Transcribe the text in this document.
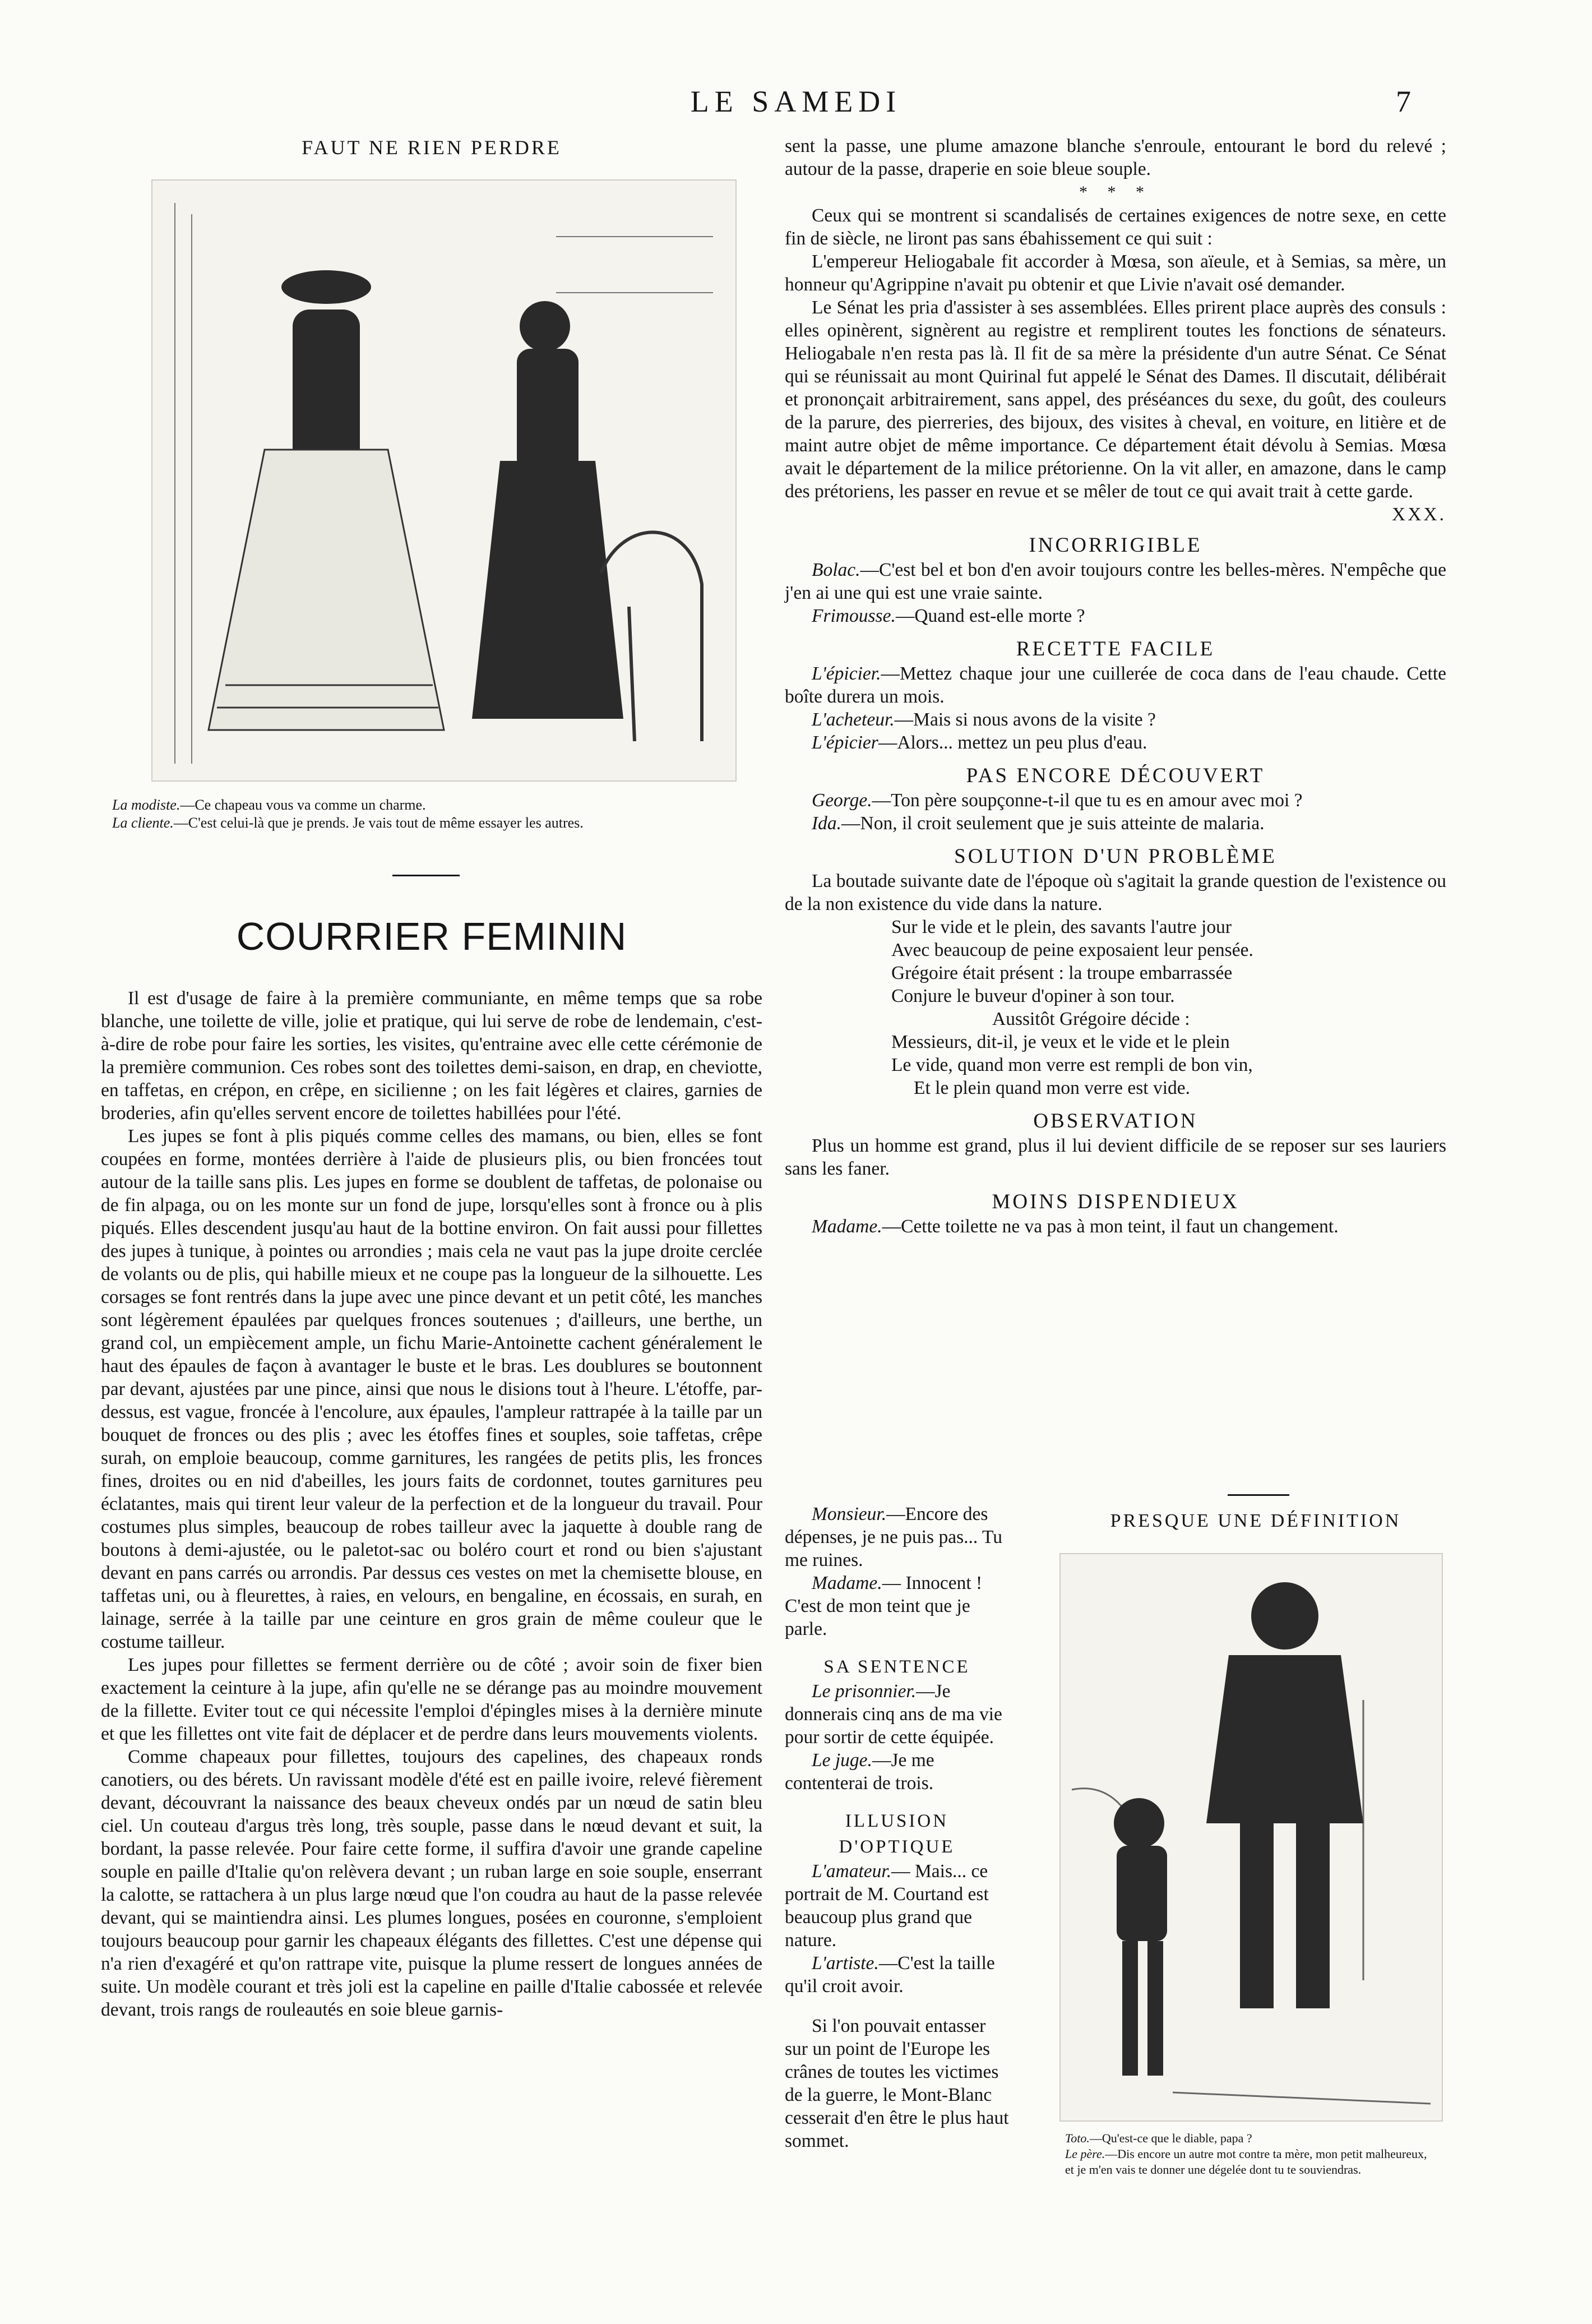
LE SAMEDI	7
FAUT NE RIEN PERDRE

La modiste.—Ce chapeau vous va comme un charme.

La cliente.—C'est celui-là que je prends. Je vais tout de même essayer les autres.

COURRIER FEMININ

Il est d'usage de faire à la première communiante, en même temps que sa robe blanche, une toilette de ville, jolie et pratique, qui lui serve de robe de lendemain, c'est-à-dire de robe pour faire les sorties, les visites, qu'entraine avec elle cette cérémonie de la première communion. Ces robes sont des toilettes demi-saison, en drap, en cheviotte, en taffetas, en crépon, en crêpe, en sicilienne ; on les fait légères et claires, garnies de broderies, afin qu'elles servent encore de toilettes habillées pour l'été.

Les jupes se font à plis piqués comme celles des mamans, ou bien, elles se font coupées en forme, montées derrière à l'aide de plusieurs plis, ou bien froncées tout autour de la taille sans plis. Les jupes en forme se doublent de taffetas, de polonaise ou de fin alpaga, ou on les monte sur un fond de jupe, lorsqu'elles sont à fronce ou à plis piqués. Elles descendent jusqu'au haut de la bottine environ. On fait aussi pour fillettes des jupes à tunique, à pointes ou arrondies ; mais cela ne vaut pas la jupe droite cerclée de volants ou de plis, qui habille mieux et ne coupe pas la longueur de la silhouette. Les corsages se font rentrés dans la jupe avec une pince devant et un petit côté, les manches sont légèrement épaulées par quelques fronces soutenues ; d'ailleurs, une berthe, un grand col, un empiècement ample, un fichu Marie-Antoinette cachent généralement le haut des épaules de façon à avantager le buste et le bras. Les doublures se boutonnent par devant, ajustées par une pince, ainsi que nous le disions tout à l'heure. L'étoffe, par-dessus, est vague, froncée à l'encolure, aux épaules, l'ampleur rattrapée à la taille par un bouquet de fronces ou des plis ; avec les étoffes fines et souples, soie taffetas, crêpe surah, on emploie beaucoup, comme garnitures, les rangées de petits plis, les fronces fines, droites ou en nid d'abeilles, les jours faits de cordonnet, toutes garnitures peu éclatantes, mais qui tirent leur valeur de la perfection et de la longueur du travail. Pour costumes plus simples, beaucoup de robes tailleur avec la jaquette à double rang de boutons à demi-ajustée, ou le paletot-sac ou boléro court et rond ou bien s'ajustant devant en pans carrés ou arrondis. Par dessus ces vestes on met la chemisette blouse, en taffetas uni, ou à fleurettes, à raies, en velours, en bengaline, en écossais, en surah, en lainage, serrée à la taille par une ceinture en gros grain de même couleur que le costume tailleur.

Les jupes pour fillettes se ferment derrière ou de côté ; avoir soin de fixer bien exactement la ceinture à la jupe, afin qu'elle ne se dérange pas au moindre mouvement de la fillette. Eviter tout ce qui nécessite l'emploi d'épingles mises à la dernière minute et que les fillettes ont vite fait de déplacer et de perdre dans leurs mouvements violents.

Comme chapeaux pour fillettes, toujours des capelines, des chapeaux ronds canotiers, ou des bérets. Un ravissant modèle d'été est en paille ivoire, relevé fièrement devant, découvrant la naissance des beaux cheveux ondés par un nœud de satin bleu ciel. Un couteau d'argus très long, très souple, passe dans le nœud devant et suit, la bordant, la passe relevée. Pour faire cette forme, il suffira d'avoir une grande capeline souple en paille d'Italie qu'on relèvera devant ; un ruban large en soie souple, enserrant la calotte, se rattachera à un plus large nœud que l'on coudra au haut de la passe relevée devant, qui se maintiendra ainsi. Les plumes longues, posées en couronne, s'emploient toujours beaucoup pour garnir les chapeaux élégants des fillettes. C'est une dépense qui n'a rien d'exagéré et qu'on rattrape vite, puisque la plume ressert de longues années de suite. Un modèle courant et très joli est la capeline en paille d'Italie cabossée et relevée devant, trois rangs de rouleautés en soie bleue garnis-

sent la passe, une plume amazone blanche s'enroule, entourant le bord du relevé ; autour de la passe, draperie en soie bleue souple.

* * *

Ceux qui se montrent si scandalisés de certaines exigences de notre sexe, en cette fin de siècle, ne liront pas sans ébahissement ce qui suit :

L'empereur Heliogabale fit accorder à Mœsa, son aïeule, et à Semias, sa mère, un honneur qu'Agrippine n'avait pu obtenir et que Livie n'avait osé demander.

Le Sénat les pria d'assister à ses assemblées. Elles prirent place auprès des consuls : elles opinèrent, signèrent au registre et remplirent toutes les fonctions de sénateurs. Heliogabale n'en resta pas là. Il fit de sa mère la présidente d'un autre Sénat. Ce Sénat qui se réunissait au mont Quirinal fut appelé le Sénat des Dames. Il discutait, délibérait et prononçait arbitrairement, sans appel, des préséances du sexe, du goût, des couleurs de la parure, des pierreries, des bijoux, des visites à cheval, en voiture, en litière et de maint autre objet de même importance. Ce département était dévolu à Semias. Mœsa avait le département de la milice prétorienne. On la vit aller, en amazone, dans le camp des prétoriens, les passer en revue et se mêler de tout ce qui avait trait à cette garde.

XXX.

INCORRIGIBLE

Bolac.—C'est bel et bon d'en avoir toujours contre les belles-mères. N'empêche que j'en ai une qui est une vraie sainte.

Frimousse.—Quand est-elle morte ?

RECETTE FACILE

L'épicier.—Mettez chaque jour une cuillerée de coca dans de l'eau chaude. Cette boîte durera un mois.

L'acheteur.—Mais si nous avons de la visite ?

L'épicier—Alors... mettez un peu plus d'eau.

PAS ENCORE DÉCOUVERT

George.—Ton père soupçonne-t-il que tu es en amour avec moi ?

Ida.—Non, il croit seulement que je suis atteinte de malaria.

SOLUTION D'UN PROBLÈME

La boutade suivante date de l'époque où s'agitait la grande question de l'existence ou de la non existence du vide dans la nature.

Sur le vide et le plein, des savants l'autre jour

Avec beaucoup de peine exposaient leur pensée.

Grégoire était présent : la troupe embarrassée

Conjure le buveur d'opiner à son tour.

Aussitôt Grégoire décide :

Messieurs, dit-il, je veux et le vide et le plein

Le vide, quand mon verre est rempli de bon vin,

Et le plein quand mon verre est vide.

OBSERVATION

Plus un homme est grand, plus il lui devient difficile de se reposer sur ses lauriers sans les faner.

MOINS DISPENDIEUX

Madame.—Cette toilette ne va pas à mon teint, il faut un changement.

Monsieur.—Encore des dépenses, je ne puis pas... Tu me ruines.

Madame.— Innocent ! C'est de mon teint que je parle.

SA SENTENCE

Le prisonnier.—Je donnerais cinq ans de ma vie pour sortir de cette équipée.

Le juge.—Je me contenterai de trois.

ILLUSION D'OPTIQUE

L'amateur.— Mais... ce portrait de M. Courtand est beaucoup plus grand que nature.

L'artiste.—C'est la taille qu'il croit avoir.

Si l'on pouvait entasser sur un point de l'Europe les crânes de toutes les victimes de la guerre, le Mont-Blanc cesserait d'en être le plus haut sommet.

PRESQUE UNE DÉFINITION

Toto.—Qu'est-ce que le diable, papa ?

Le père.—Dis encore un autre mot contre ta mère, mon petit malheureux, et je m'en vais te donner une dégelée dont tu te souviendras.
